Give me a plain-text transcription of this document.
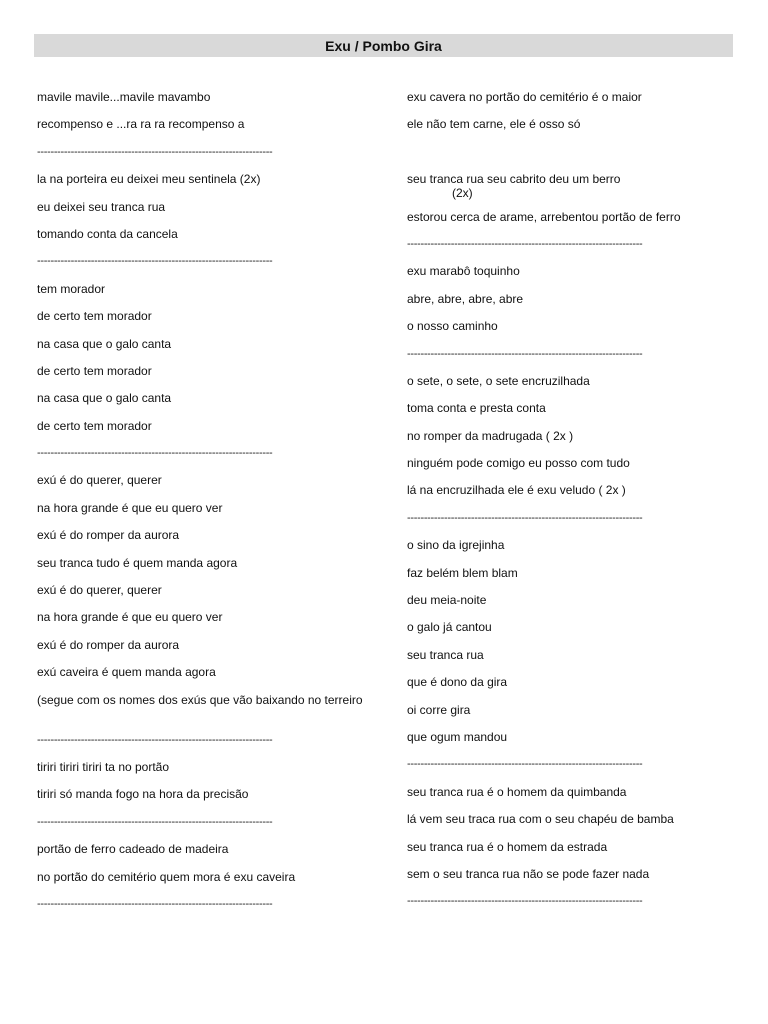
Exu / Pombo Gira
mavile mavile...mavile mavambo
recompenso e ...ra ra ra recompenso a
----------------------------------------------------------------------
la na porteira eu deixei meu sentinela (2x)
eu deixei seu tranca rua
tomando conta da cancela
----------------------------------------------------------------------
tem morador
de certo tem morador
na casa que o galo canta
de certo tem morador
na casa que o galo canta
de certo tem morador
----------------------------------------------------------------------
exú é do querer, querer
na hora grande é que eu quero ver
exú é do romper da aurora
seu tranca tudo é quem manda agora
exú é do querer, querer
na hora grande é que eu quero ver
exú é do romper da aurora
exú caveira é quem manda agora
(segue com os nomes dos exús que vão baixando no terreiro
----------------------------------------------------------------------
tiriri tiriri tiriri ta no portão
tiriri só manda fogo na hora da precisão
----------------------------------------------------------------------
portão de ferro cadeado de madeira
no portão do cemitério quem mora é exu caveira
----------------------------------------------------------------------
exu cavera no portão do cemitério é o maior
ele não tem carne, ele é osso só
seu tranca rua seu cabrito deu um berro
(2x)
estorou cerca de arame, arrebentou portão de ferro
----------------------------------------------------------------------
exu marabô toquinho
abre, abre, abre, abre
o nosso caminho
----------------------------------------------------------------------
o sete, o sete, o sete encruzilhada
toma conta e presta conta
no romper da madrugada ( 2x )
ninguém pode comigo eu posso com tudo
lá na encruzilhada ele é exu veludo ( 2x )
----------------------------------------------------------------------
o sino da igrejinha
faz belém blem blam
deu meia-noite
o galo já cantou
seu tranca rua
que é dono da gira
oi corre gira
que ogum mandou
----------------------------------------------------------------------
seu tranca rua é o homem da quimbanda
lá vem seu traca rua com o seu chapéu de bamba
seu tranca rua é o homem da estrada
sem o seu tranca rua não se pode fazer nada
----------------------------------------------------------------------
